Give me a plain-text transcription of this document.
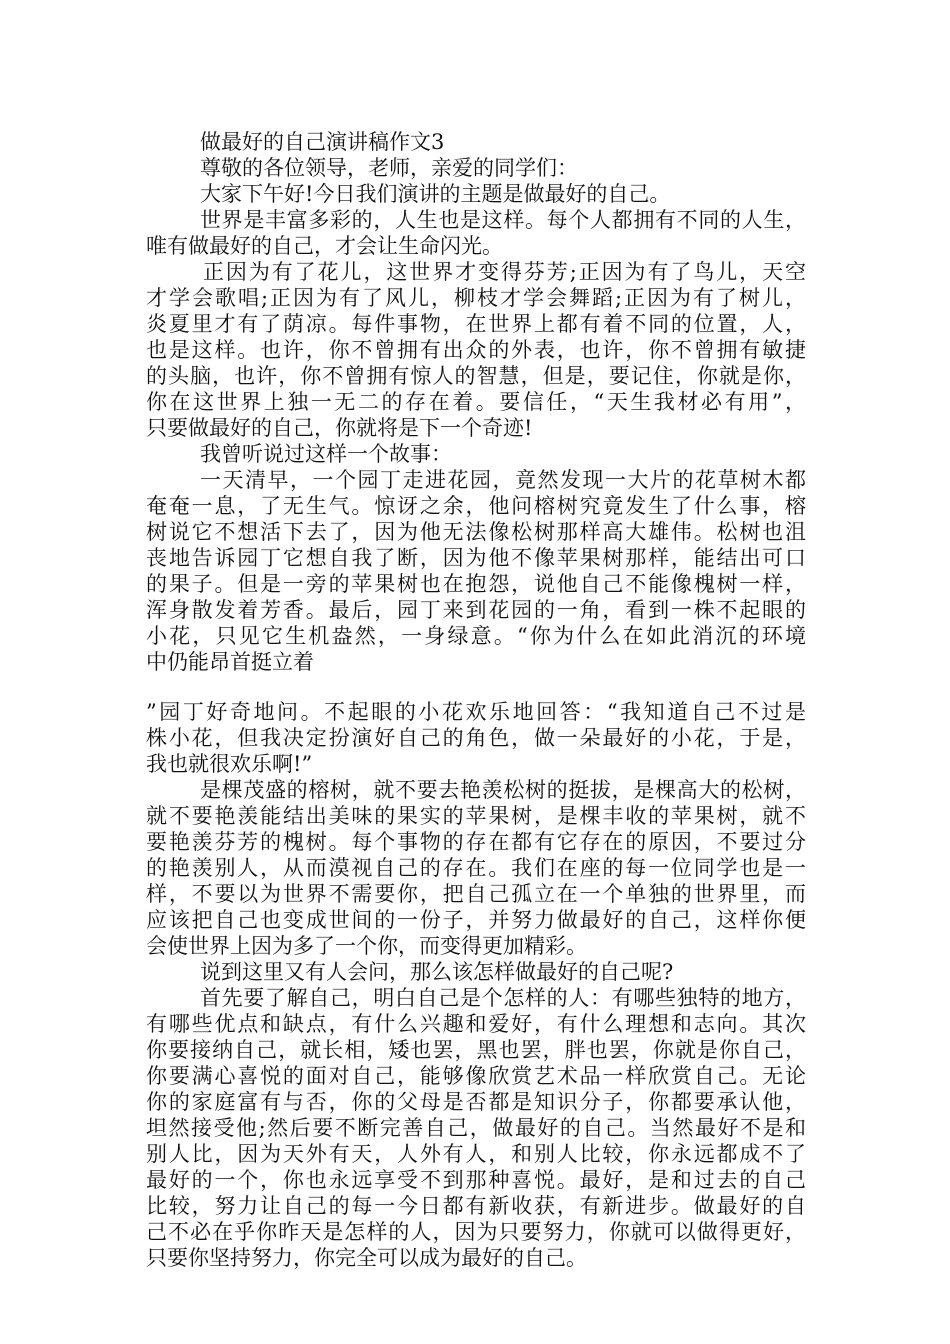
做最好的自己演讲稿作文3
尊敬的各位领导，老师，亲爱的同学们：
大家下午好!今日我们演讲的主题是做最好的自己。
世界是丰富多彩的，人生也是这样。每个人都拥有不同的人生，
唯有做最好的自己，才会让生命闪光。
正因为有了花儿，这世界才变得芬芳;正因为有了鸟儿，天空
才学会歌唱;正因为有了风儿，柳枝才学会舞蹈;正因为有了树儿，
炎夏里才有了荫凉。每件事物，在世界上都有着不同的位置，人，
也是这样。也许，你不曾拥有出众的外表，也许，你不曾拥有敏捷
的头脑，也许，你不曾拥有惊人的智慧，但是，要记住，你就是你，
你在这世界上独一无二的存在着。要信任，“天生我材必有用”，
只要做最好的自己，你就将是下一个奇迹!
我曾听说过这样一个故事：
一天清早，一个园丁走进花园，竟然发现一大片的花草树木都
奄奄一息，了无生气。惊讶之余，他问榕树究竟发生了什么事，榕
树说它不想活下去了，因为他无法像松树那样高大雄伟。松树也沮
丧地告诉园丁它想自我了断，因为他不像苹果树那样，能结出可口
的果子。但是一旁的苹果树也在抱怨，说他自己不能像槐树一样，
浑身散发着芳香。最后，园丁来到花园的一角，看到一株不起眼的
小花，只见它生机盎然，一身绿意。“你为什么在如此消沉的环境
中仍能昂首挺立着
”园丁好奇地问。不起眼的小花欢乐地回答：“我知道自己不过是
株小花，但我决定扮演好自己的角色，做一朵最好的小花，于是，
我也就很欢乐啊!”
是棵茂盛的榕树，就不要去艳羡松树的挺拔，是棵高大的松树，
就不要艳羡能结出美味的果实的苹果树，是棵丰收的苹果树，就不
要艳羡芬芳的槐树。每个事物的存在都有它存在的原因，不要过分
的艳羡别人，从而漠视自己的存在。我们在座的每一位同学也是一
样，不要以为世界不需要你，把自己孤立在一个单独的世界里，而
应该把自己也变成世间的一份子，并努力做最好的自己，这样你便
会使世界上因为多了一个你，而变得更加精彩。
说到这里又有人会问，那么该怎样做最好的自己呢?
首先要了解自己，明白自己是个怎样的人：有哪些独特的地方，
有哪些优点和缺点，有什么兴趣和爱好，有什么理想和志向。其次
你要接纳自己，就长相，矮也罢，黑也罢，胖也罢，你就是你自己，
你要满心喜悦的面对自己，能够像欣赏艺术品一样欣赏自己。无论
你的家庭富有与否，你的父母是否都是知识分子，你都要承认他，
坦然接受他;然后要不断完善自己，做最好的自己。当然最好不是和
别人比，因为天外有天，人外有人，和别人比较，你永远都成不了
最好的一个，你也永远享受不到那种喜悦。最好，是和过去的自己
比较，努力让自己的每一今日都有新收获，有新进步。做最好的自
己不必在乎你昨天是怎样的人，因为只要努力，你就可以做得更好，
只要你坚持努力，你完全可以成为最好的自己。
